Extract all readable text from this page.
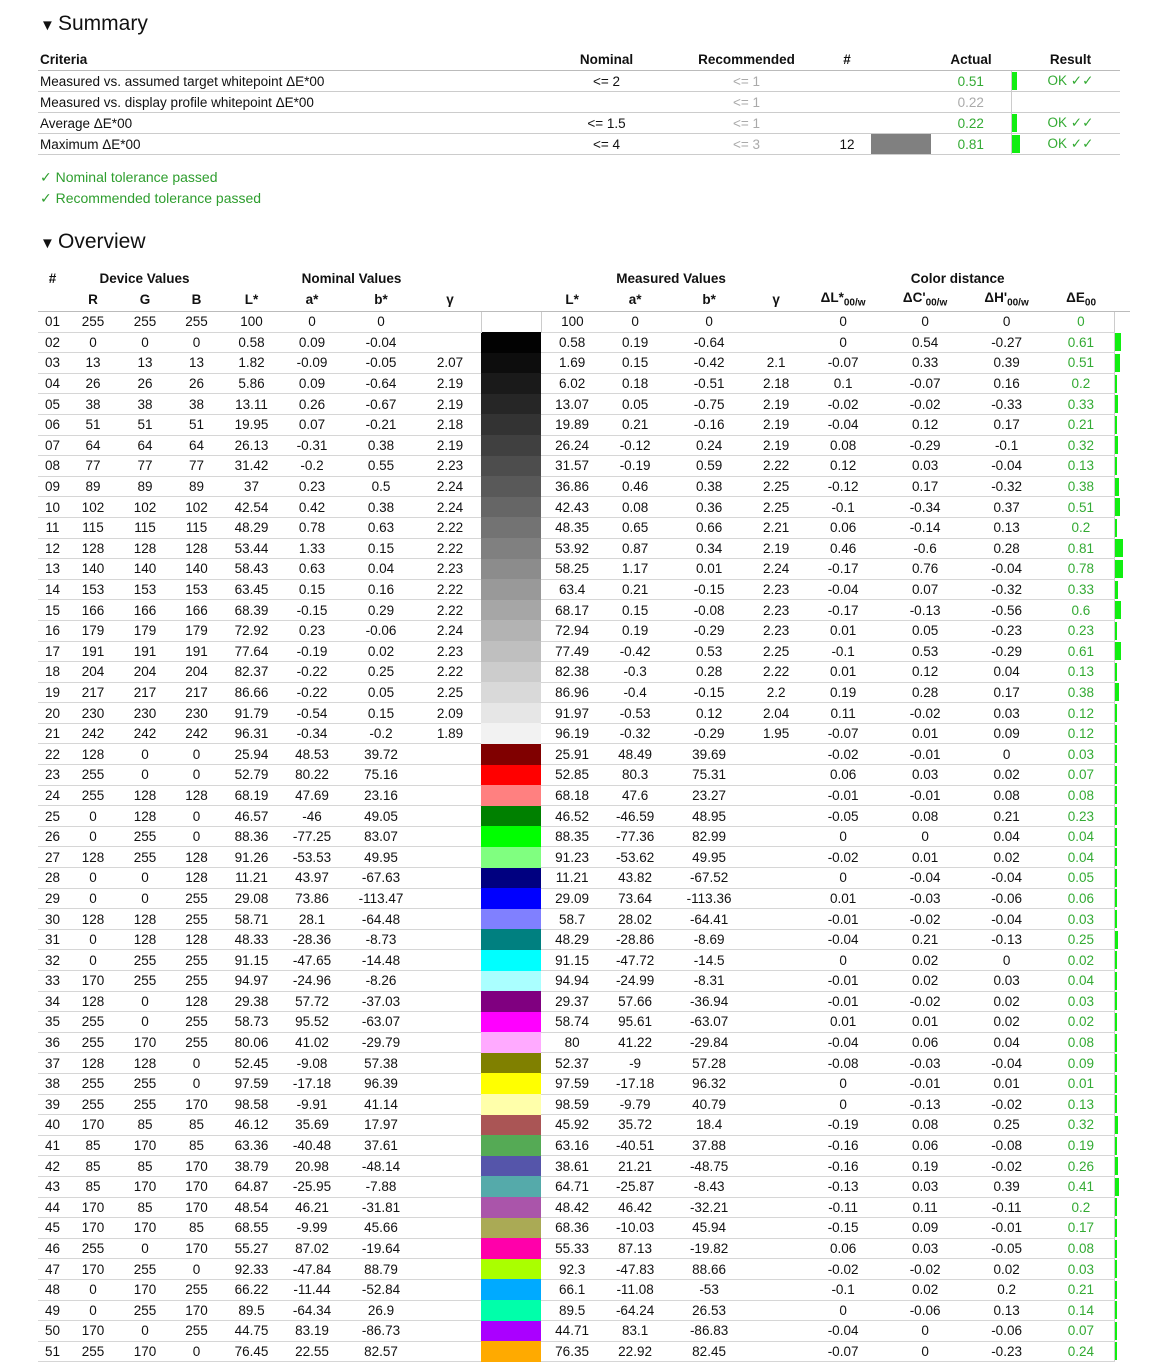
▼ Summary
Criteria	Nominal	Recommended	#		Actual		Result
Measured vs. assumed target whitepoint ΔE*00	<= 2	<= 1			0.51		OK ✓✓
Measured vs. display profile whitepoint ΔE*00		<= 1			0.22		
Average ΔE*00	<= 1.5	<= 1			0.22		OK ✓✓
Maximum ΔE*00	<= 4	<= 3	12		0.81		OK ✓✓
✓ Nominal tolerance passed
✓ Recommended tolerance passed
▼ Overview
#	Device Values			Nominal Values					Measured Values				Color distance				
	R	G	B	L*	a*	b*	γ		L*	a*	b*	γ	$\Delta L*_{00/w}$	$\Delta C'_{00/w}$	$\Delta H'_{00/w}$	$\Delta E_{00}$	
01	255	255	255	100	0	0			100	0	0		0	0	0	0	
02	0	0	0	0.58	0.09	-0.04			0.58	0.19	-0.64		0	0.54	-0.27	0.61	
03	13	13	13	1.82	-0.09	-0.05	2.07		1.69	0.15	-0.42	2.1	-0.07	0.33	0.39	0.51	
04	26	26	26	5.86	0.09	-0.64	2.19		6.02	0.18	-0.51	2.18	0.1	-0.07	0.16	0.2	
05	38	38	38	13.11	0.26	-0.67	2.19		13.07	0.05	-0.75	2.19	-0.02	-0.02	-0.33	0.33	
06	51	51	51	19.95	0.07	-0.21	2.18		19.89	0.21	-0.16	2.19	-0.04	0.12	0.17	0.21	
07	64	64	64	26.13	-0.31	0.38	2.19		26.24	-0.12	0.24	2.19	0.08	-0.29	-0.1	0.32	
08	77	77	77	31.42	-0.2	0.55	2.23		31.57	-0.19	0.59	2.22	0.12	0.03	-0.04	0.13	
09	89	89	89	37	0.23	0.5	2.24		36.86	0.46	0.38	2.25	-0.12	0.17	-0.32	0.38	
10	102	102	102	42.54	0.42	0.38	2.24		42.43	0.08	0.36	2.25	-0.1	-0.34	0.37	0.51	
11	115	115	115	48.29	0.78	0.63	2.22		48.35	0.65	0.66	2.21	0.06	-0.14	0.13	0.2	
12	128	128	128	53.44	1.33	0.15	2.22		53.92	0.87	0.34	2.19	0.46	-0.6	0.28	0.81	
13	140	140	140	58.43	0.63	0.04	2.23		58.25	1.17	0.01	2.24	-0.17	0.76	-0.04	0.78	
14	153	153	153	63.45	0.15	0.16	2.22		63.4	0.21	-0.15	2.23	-0.04	0.07	-0.32	0.33	
15	166	166	166	68.39	-0.15	0.29	2.22		68.17	0.15	-0.08	2.23	-0.17	-0.13	-0.56	0.6	
16	179	179	179	72.92	0.23	-0.06	2.24		72.94	0.19	-0.29	2.23	0.01	0.05	-0.23	0.23	
17	191	191	191	77.64	-0.19	0.02	2.23		77.49	-0.42	0.53	2.25	-0.1	0.53	-0.29	0.61	
18	204	204	204	82.37	-0.22	0.25	2.22		82.38	-0.3	0.28	2.22	0.01	0.12	0.04	0.13	
19	217	217	217	86.66	-0.22	0.05	2.25		86.96	-0.4	-0.15	2.2	0.19	0.28	0.17	0.38	
20	230	230	230	91.79	-0.54	0.15	2.09		91.97	-0.53	0.12	2.04	0.11	-0.02	0.03	0.12	
21	242	242	242	96.31	-0.34	-0.2	1.89		96.19	-0.32	-0.29	1.95	-0.07	0.01	0.09	0.12	
22	128	0	0	25.94	48.53	39.72			25.91	48.49	39.69		-0.02	-0.01	0	0.03	
23	255	0	0	52.79	80.22	75.16			52.85	80.3	75.31		0.06	0.03	0.02	0.07	
24	255	128	128	68.19	47.69	23.16			68.18	47.6	23.27		-0.01	-0.01	0.08	0.08	
25	0	128	0	46.57	-46	49.05			46.52	-46.59	48.95		-0.05	0.08	0.21	0.23	
26	0	255	0	88.36	-77.25	83.07			88.35	-77.36	82.99		0	0	0.04	0.04	
27	128	255	128	91.26	-53.53	49.95			91.23	-53.62	49.95		-0.02	0.01	0.02	0.04	
28	0	0	128	11.21	43.97	-67.63			11.21	43.82	-67.52		0	-0.04	-0.04	0.05	
29	0	0	255	29.08	73.86	-113.47			29.09	73.64	-113.36		0.01	-0.03	-0.06	0.06	
30	128	128	255	58.71	28.1	-64.48			58.7	28.02	-64.41		-0.01	-0.02	-0.04	0.03	
31	0	128	128	48.33	-28.36	-8.73			48.29	-28.86	-8.69		-0.04	0.21	-0.13	0.25	
32	0	255	255	91.15	-47.65	-14.48			91.15	-47.72	-14.5		0	0.02	0	0.02	
33	170	255	255	94.97	-24.96	-8.26			94.94	-24.99	-8.31		-0.01	0.02	0.03	0.04	
34	128	0	128	29.38	57.72	-37.03			29.37	57.66	-36.94		-0.01	-0.02	0.02	0.03	
35	255	0	255	58.73	95.52	-63.07			58.74	95.61	-63.07		0.01	0.01	0.02	0.02	
36	255	170	255	80.06	41.02	-29.79			80	41.22	-29.84		-0.04	0.06	0.04	0.08	
37	128	128	0	52.45	-9.08	57.38			52.37	-9	57.28		-0.08	-0.03	-0.04	0.09	
38	255	255	0	97.59	-17.18	96.39			97.59	-17.18	96.32		0	-0.01	0.01	0.01	
39	255	255	170	98.58	-9.91	41.14			98.59	-9.79	40.79		0	-0.13	-0.02	0.13	
40	170	85	85	46.12	35.69	17.97			45.92	35.72	18.4		-0.19	0.08	0.25	0.32	
41	85	170	85	63.36	-40.48	37.61			63.16	-40.51	37.88		-0.16	0.06	-0.08	0.19	
42	85	85	170	38.79	20.98	-48.14			38.61	21.21	-48.75		-0.16	0.19	-0.02	0.26	
43	85	170	170	64.87	-25.95	-7.88			64.71	-25.87	-8.43		-0.13	0.03	0.39	0.41	
44	170	85	170	48.54	46.21	-31.81			48.42	46.42	-32.21		-0.11	0.11	-0.11	0.2	
45	170	170	85	68.55	-9.99	45.66			68.36	-10.03	45.94		-0.15	0.09	-0.01	0.17	
46	255	0	170	55.27	87.02	-19.64			55.33	87.13	-19.82		0.06	0.03	-0.05	0.08	
47	170	255	0	92.33	-47.84	88.79			92.3	-47.83	88.66		-0.02	-0.02	0.02	0.03	
48	0	170	255	66.22	-11.44	-52.84			66.1	-11.08	-53		-0.1	0.02	0.2	0.21	
49	0	255	170	89.5	-64.34	26.9			89.5	-64.24	26.53		0	-0.06	0.13	0.14	
50	170	0	255	44.75	83.19	-86.73			44.71	83.1	-86.83		-0.04	0	-0.06	0.07	
51	255	170	0	76.45	22.55	82.57			76.35	22.92	82.45		-0.07	0	-0.23	0.24	
